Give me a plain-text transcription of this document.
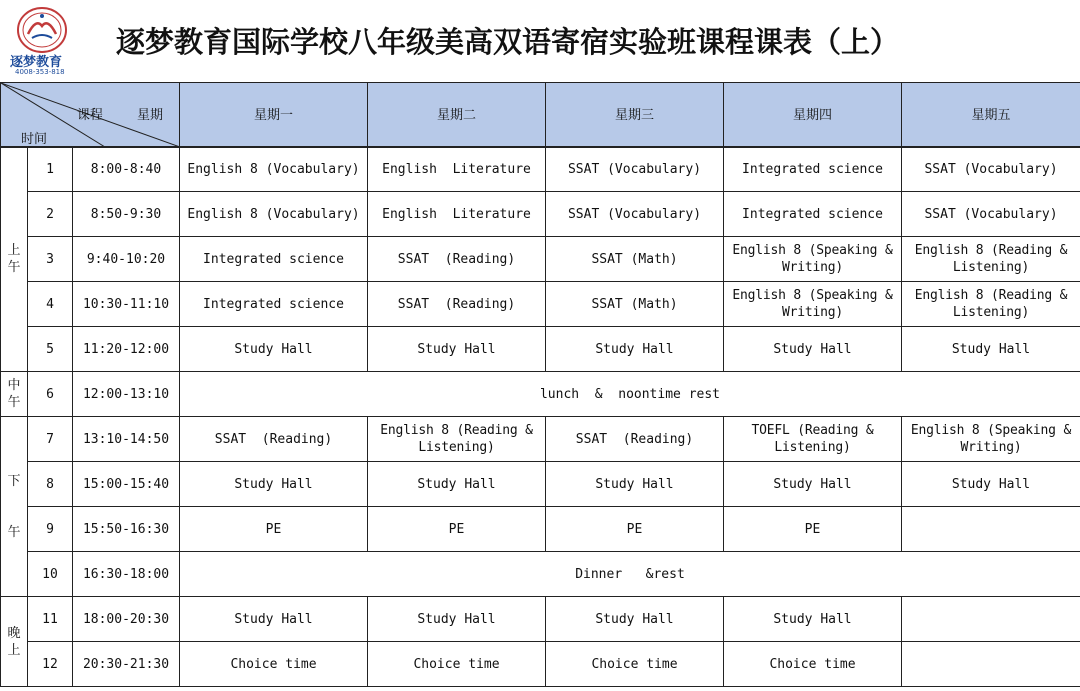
逐梦教育
4008-353-818
逐梦教育国际学校八年级美高双语寄宿实验班课程课表（上）
课程	星期
时间
	星期一	星期二	星期三	星期四	星期五
上
午	1	8:00-8:40	English 8 (Vocabulary)	English  Literature	SSAT (Vocabulary)	Integrated science	SSAT (Vocabulary)
	2	8:50-9:30	English 8 (Vocabulary)	English  Literature	SSAT (Vocabulary)	Integrated science	SSAT (Vocabulary)
	3	9:40-10:20	Integrated science	SSAT  (Reading)	SSAT (Math)	English 8 (Speaking & Writing)	English 8 (Reading & Listening)
	4	10:30-11:10	Integrated science	SSAT  (Reading)	SSAT (Math)	English 8 (Speaking & Writing)	English 8 (Reading & Listening)
	5	11:20-12:00	Study Hall	Study Hall	Study Hall	Study Hall	Study Hall
中
午	6	12:00-13:10	lunch  &  noontime rest				
下

午	7	13:10-14:50	SSAT  (Reading)	English 8 (Reading & Listening)	SSAT  (Reading)	TOEFL (Reading & Listening)	English 8 (Speaking & Writing)
	8	15:00-15:40	Study Hall	Study Hall	Study Hall	Study Hall	Study Hall
	9	15:50-16:30	PE	PE	PE	PE	
	10	16:30-18:00	Dinner   &rest				
晚
上	11	18:00-20:30	Study Hall	Study Hall	Study Hall	Study Hall	
	12	20:30-21:30	Choice time	Choice time	Choice time	Choice time	
